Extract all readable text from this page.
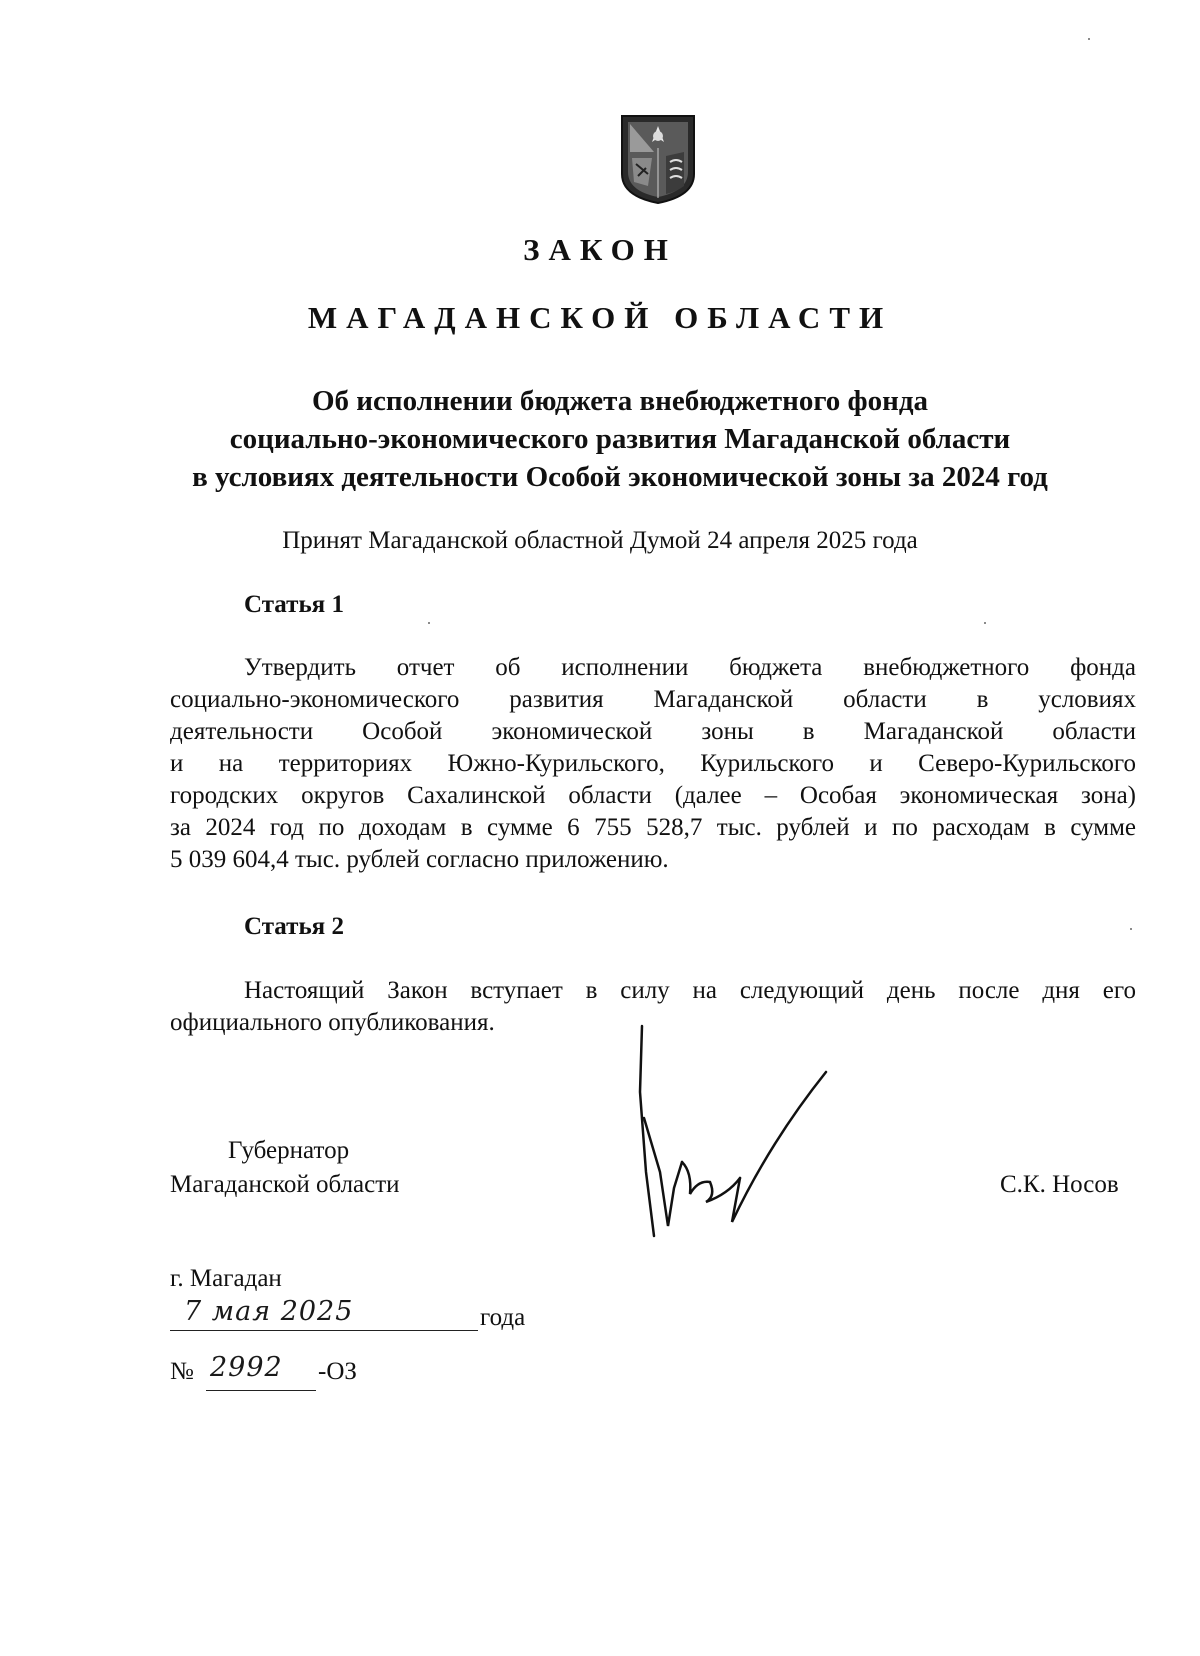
ЗАКОН
МАГАДАНСКОЙ ОБЛАСТИ
Об исполнении бюджета внебюджетного фонда
социально-экономического развития Магаданской области
в условиях деятельности Особой экономической зоны за 2024 год
Принят Магаданской областной Думой 24 апреля 2025 года
Статья 1
Утвердить отчет об исполнении бюджета внебюджетного фонда
социально-экономического развития Магаданской области в условиях
деятельности Особой экономической зоны в Магаданской области
и на территориях Южно-Курильского, Курильского и Северо-Курильского
городских округов Сахалинской области (далее – Особая экономическая зона)
за 2024 год по доходам в сумме 6 755 528,7 тыс. рублей и по расходам в сумме
5 039 604,4 тыс. рублей согласно приложению.
Статья 2
Настоящий Закон вступает в силу на следующий день после дня его
официального опубликования.
Губернатор
Магаданской области	С.К. Носов
г. Магадан
7 мая 2025	года
№ 2992 -ОЗ
